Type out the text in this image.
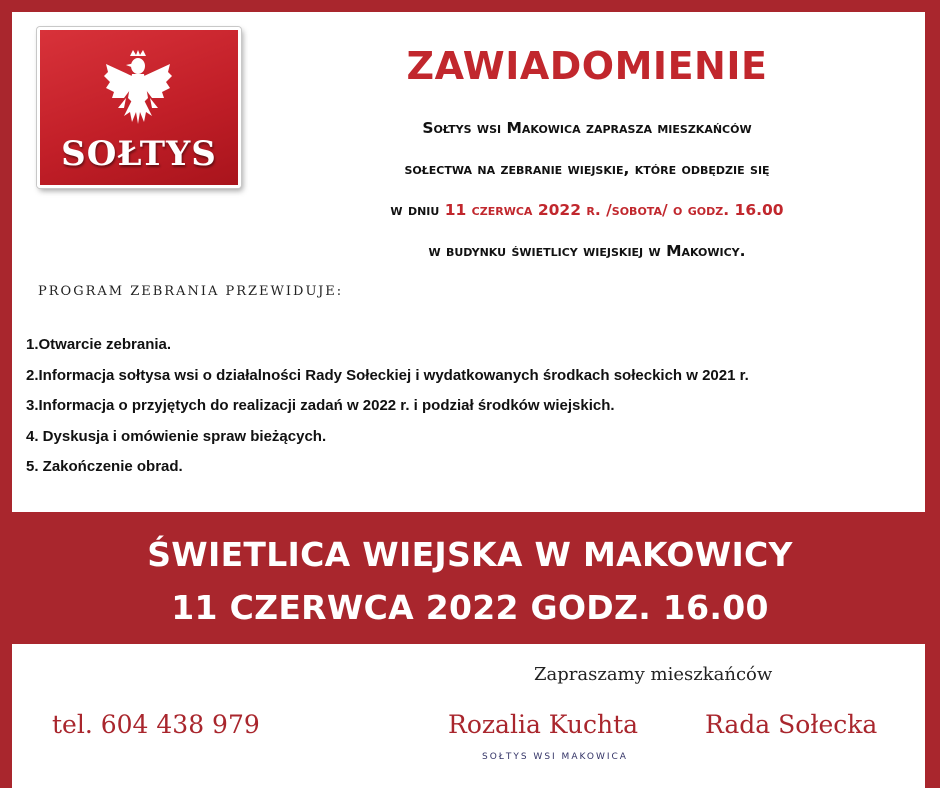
SOŁTYS
ZAWIADOMIENIE
Sołtys wsi Makowica zaprasza mieszkańców
sołectwa na zebranie wiejskie, które odbędzie się
w dniu 11 czerwca 2022 r. /sobota/ o godz. 16.00
w budynku świetlicy wiejskiej w Makowicy.
PROGRAM ZEBRANIA PRZEWIDUJE:
1.Otwarcie zebrania.
2.Informacja sołtysa wsi o działalności Rady Sołeckiej i wydatkowanych środkach sołeckich w 2021 r.
3.Informacja o przyjętych do realizacji zadań w 2022 r. i podział środków wiejskich.
4. Dyskusja i omówienie spraw bieżących.
5. Zakończenie obrad.
ŚWIETLICA WIEJSKA W MAKOWICY
11 CZERWCA 2022 GODZ. 16.00
tel. 604 438 979
Zapraszamy mieszkańców
Rozalia Kuchta	Rada Sołecka
SOŁTYS WSI MAKOWICA
